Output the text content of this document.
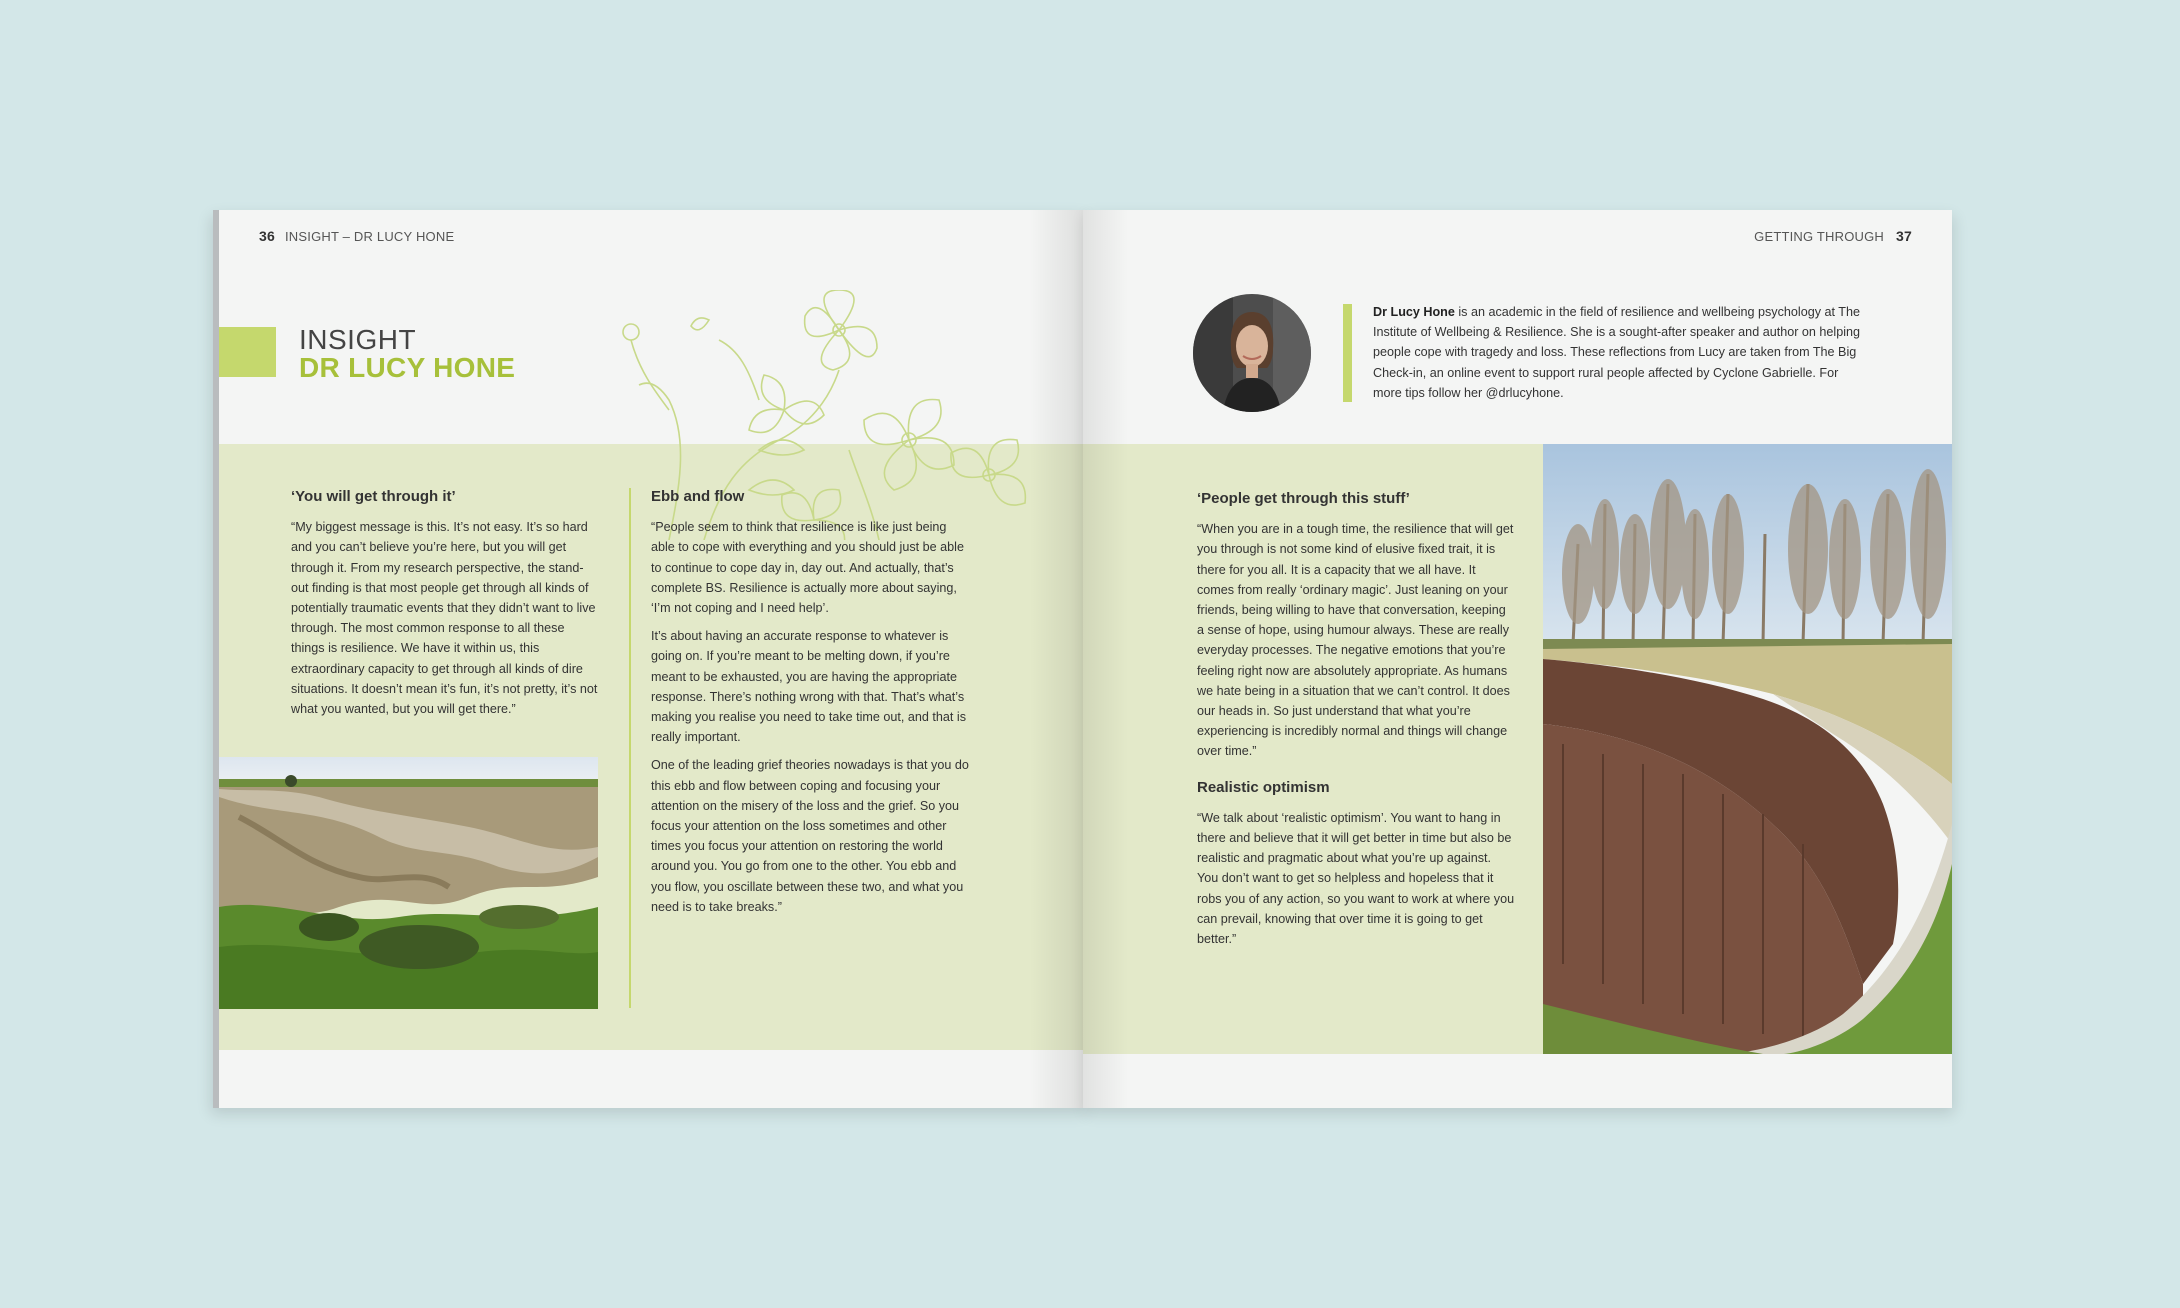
36 INSIGHT – DR LUCY HONE
INSIGHT
DR LUCY HONE
‘You will get through it’

“My biggest message is this. It’s not easy. It’s so hard and you can’t believe you’re here, but you will get through it. From my research perspective, the stand-out finding is that most people get through all kinds of potentially traumatic events that they didn’t want to live through. The most common response to all these things is resilience. We have it within us, this extraordinary capacity to get through all kinds of dire situations. It doesn’t mean it’s fun, it’s not pretty, it’s not what you wanted, but you will get there.”

Ebb and flow

“People seem to think that resilience is like just being able to cope with everything and you should just be able to continue to cope day in, day out. And actually, that’s complete BS. Resilience is actually more about saying, ‘I’m not coping and I need help’.

It’s about having an accurate response to whatever is going on. If you’re meant to be melting down, if you’re meant to be exhausted, you are having the appropriate response. There’s nothing wrong with that. That’s what’s making you realise you need to take time out, and that is really important.

One of the leading grief theories nowadays is that you do this ebb and flow between coping and focusing your attention on the misery of the loss and the grief. So you focus your attention on the loss sometimes and other times you focus your attention on restoring the world around you. You go from one to the other. You ebb and you flow, you oscillate between these two, and what you need is to take breaks.”

GETTING THROUGH 37
Dr Lucy Hone is an academic in the field of resilience and wellbeing psychology at The Institute of Wellbeing & Resilience. She is a sought-after speaker and author on helping people cope with tragedy and loss. These reflections from Lucy are taken from The Big Check-in, an online event to support rural people affected by Cyclone Gabrielle. For more tips follow her @drlucyhone.
‘People get through this stuff’

“When you are in a tough time, the resilience that will get you through is not some kind of elusive fixed trait, it is there for you all. It is a capacity that we all have. It comes from really ‘ordinary magic’. Just leaning on your friends, being willing to have that conversation, keeping a sense of hope, using humour always. These are really everyday processes. The negative emotions that you’re feeling right now are absolutely appropriate. As humans we hate being in a situation that we can’t control. It does our heads in. So just understand that what you’re experiencing is incredibly normal and things will change over time.”

Realistic optimism

“We talk about ‘realistic optimism’. You want to hang in there and believe that it will get better in time but also be realistic and pragmatic about what you’re up against. You don’t want to get so helpless and hopeless that it robs you of any action, so you want to work at where you can prevail, knowing that over time it is going to get better.”
